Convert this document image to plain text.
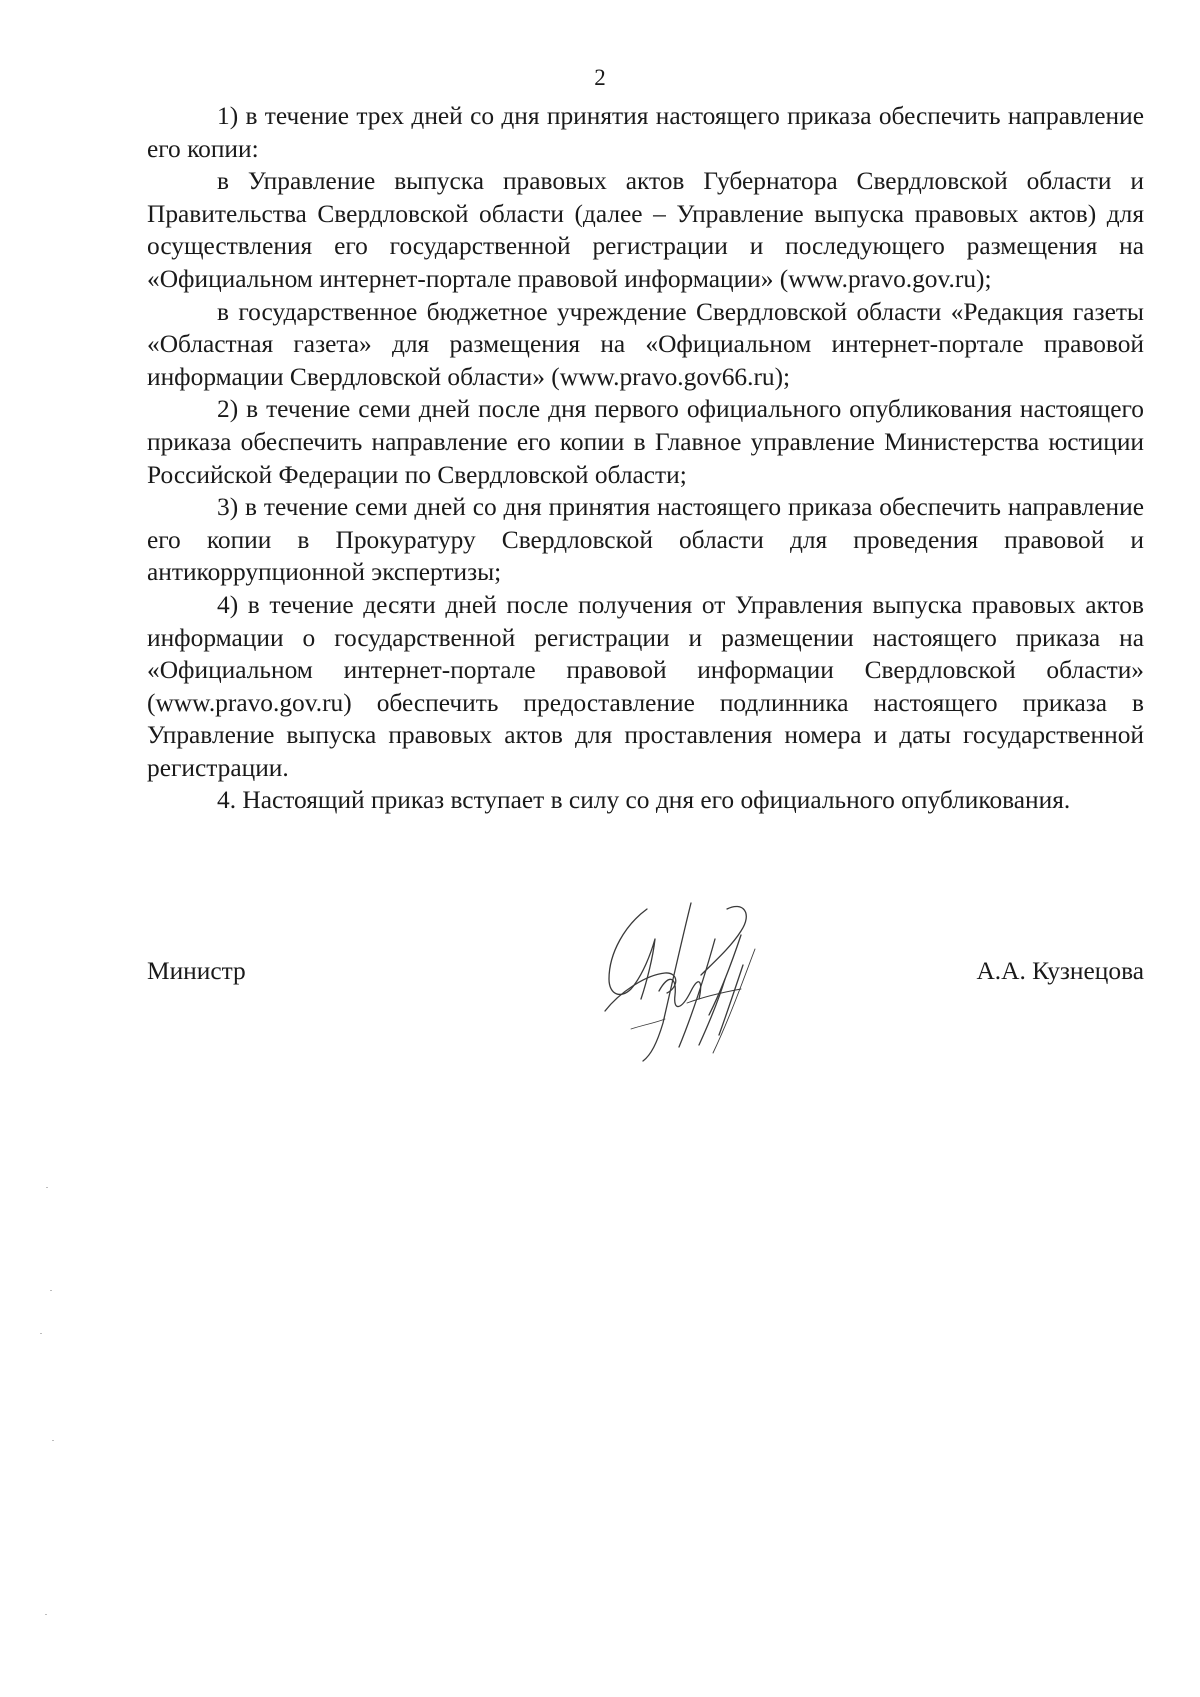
2

1) в течение трех дней со дня принятия настоящего приказа обеспечить направление его копии:

в Управление выпуска правовых актов Губернатора Свердловской области и Правительства Свердловской области (далее – Управление выпуска правовых актов) для осуществления его государственной регистрации и последующего размещения на «Официальном интернет-портале правовой информации» (www.pravo.gov.ru);

в государственное бюджетное учреждение Свердловской области «Редакция газеты «Областная газета» для размещения на «Официальном интернет-портале правовой информации Свердловской области» (www.pravo.gov66.ru);

2) в течение семи дней после дня первого официального опубликования настоящего приказа обеспечить направление его копии в Главное управление Министерства юстиции Российской Федерации по Свердловской области;

3) в течение семи дней со дня принятия настоящего приказа обеспечить направление его копии в Прокуратуру Свердловской области для проведения правовой и антикоррупционной экспертизы;

4) в течение десяти дней после получения от Управления выпуска правовых актов информации о государственной регистрации и размещении настоящего приказа на «Официальном интернет-портале правовой информации Свердловской области» (www.pravo.gov.ru) обеспечить предоставление подлинника настоящего приказа в Управление выпуска правовых актов для проставления номера и даты государственной регистрации.

4. Настоящий приказ вступает в силу со дня его официального опубликования.

Министр	А.А. Кузнецова
